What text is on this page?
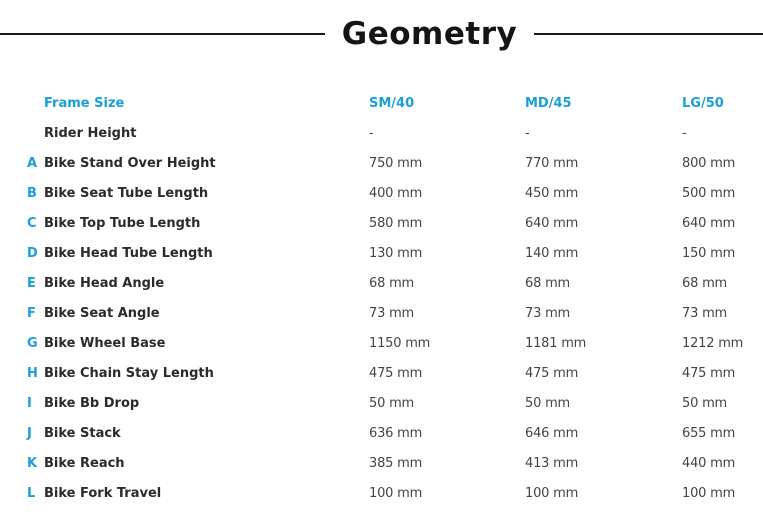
Geometry
Frame Size	SM/40	MD/45	LG/50
Rider Height	-	-	-
A Bike Stand Over Height	750 mm	770 mm	800 mm
B Bike Seat Tube Length	400 mm	450 mm	500 mm
C Bike Top Tube Length	580 mm	640 mm	640 mm
D Bike Head Tube Length	130 mm	140 mm	150 mm
E Bike Head Angle	68 mm	68 mm	68 mm
F Bike Seat Angle	73 mm	73 mm	73 mm
G Bike Wheel Base	1150 mm	1181 mm	1212 mm
H Bike Chain Stay Length	475 mm	475 mm	475 mm
I Bike Bb Drop	50 mm	50 mm	50 mm
J Bike Stack	636 mm	646 mm	655 mm
K Bike Reach	385 mm	413 mm	440 mm
L Bike Fork Travel	100 mm	100 mm	100 mm
